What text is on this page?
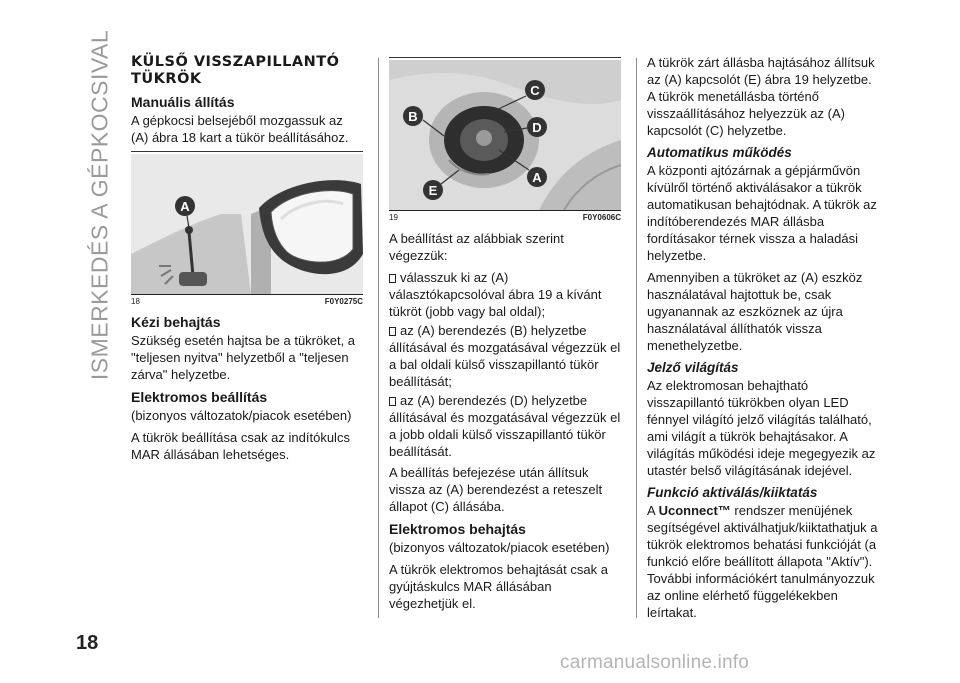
ISMERKEDÉS A GÉPKOCSIVAL KÜLSŐ VISSZAPILLANTÓ TÜKRÖK
Manuális állítás
A gépkocsi belsejéből mozgassuk az (A) ábra 18 kart a tükör beállításához.
A
18	F0Y0275C
Kézi behajtás
Szükség esetén hajtsa be a tükröket, a "teljesen nyitva" helyzetből a "teljesen zárva" helyzetbe.
Elektromos beállítás
(bizonyos változatok/piacok esetében)
A tükrök beállítása csak az indítókulcs MAR állásában lehetséges.
B
C
D
A
E
19	F0Y0606C
A beállítást az alábbiak szerint végezzük:
válasszuk ki az (A) választókapcsolóval ábra 19 a kívánt tükröt (jobb vagy bal oldal);
az (A) berendezés (B) helyzetbe állításával és mozgatásával végezzük el a bal oldali külső visszapillantó tükör beállítását;
az (A) berendezés (D) helyzetbe állításával és mozgatásával végezzük el a jobb oldali külső visszapillantó tükör beállítását.
A beállítás befejezése után állítsuk vissza az (A) berendezést a reteszelt állapot (C) állásába.
Elektromos behajtás
(bizonyos változatok/piacok esetében)
A tükrök elektromos behajtását csak a gyújtáskulcs MAR állásában végezhetjük el.
A tükrök zárt állásba hajtásához állítsuk az (A) kapcsolót (E) ábra 19 helyzetbe. A tükrök menetállásba történő visszaállításához helyezzük az (A) kapcsolót (C) helyzetbe.
Automatikus működés
A központi ajtózárnak a gépjárművön kívülről történő aktiválásakor a tükrök automatikusan behajtódnak. A tükrök az indítóberendezés MAR állásba fordításakor térnek vissza a haladási helyzetbe.
Amennyiben a tükröket az (A) eszköz használatával hajtottuk be, csak ugyanannak az eszköznek az újra használatával állíthatók vissza menethelyzetbe.
Jelző világítás
Az elektromosan behajtható visszapillantó tükrökben olyan LED fénnyel világító jelző világítás található, ami világít a tükrök behajtásakor. A világítás működési ideje megegyezik az utastér belső világításának idejével.
Funkció aktiválás/kiiktatás
A Uconnect™ rendszer menüjének segítségével aktiválhatjuk/kiiktathatjuk a tükrök elektromos behatási funkcióját (a funkció előre beállított állapota "Aktív"). További információkért tanulmányozzuk az online elérhető függelékekben leírtakat.
18
carmanualsonline.info
